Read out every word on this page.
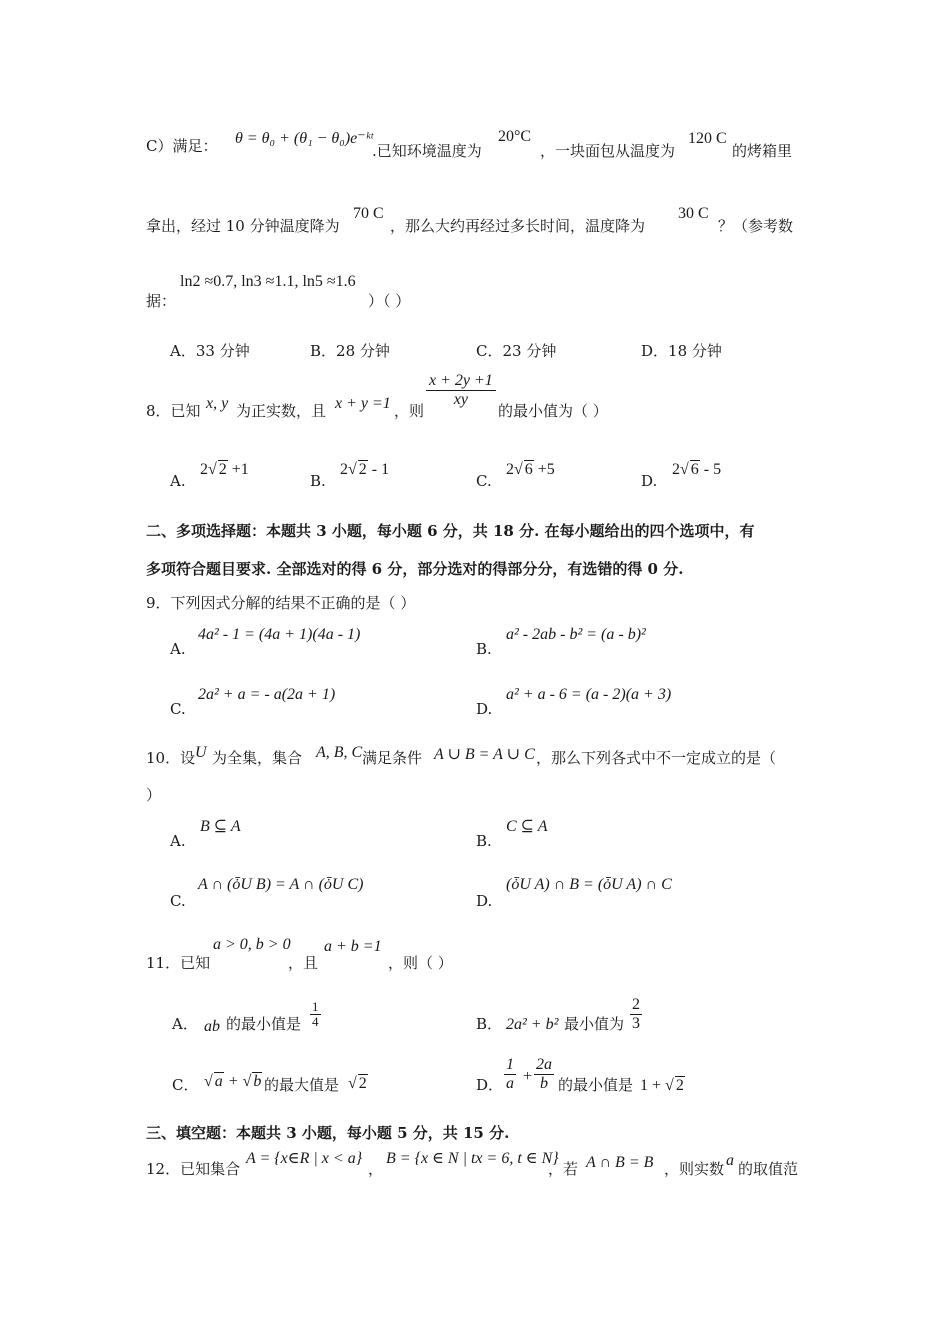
C）满足： θ = θ₀ + (θ₁ − θ₀)e⁻ᵏᵗ
.已知环境温度为
20°C
，一块面包从温度为
120 C
的烤箱里
拿出，经过 10 分钟温度降为
70 C
，那么大约再经过多长时间，温度降为
30 C
？（参考数
ln2 ≈0.7, ln3 ≈1.1, ln5 ≈1.6
据：	）（ ）
A．33 分钟	B．28 分钟	C．23 分钟	D．18 分钟
8．已知 x, y 为正实数，且 x + y =1 ，则
$\frac{x + 2y +1}{xy}$
的最小值为（ ）
A.
2√ 2 +1
B.
2√ 2 - 1
C.
2√ 6 +5
D.
2√ 6 - 5
二、多项选择题：本题共 3 小题，每小题 6 分，共 18 分. 在每小题给出的四个选项中，有
多项符合题目要求. 全部选对的得 6 分，部分选对的得部分分，有选错的得 0 分.
9．下列因式分解的结果不正确的是（ ）
A.
4a² - 1 = (4a + 1)(4a - 1)
B.
a² - 2ab - b² = (a - b)²
C.
2a² + a = - a(2a + 1)
D.
a² + a - 6 = (a - 2)(a + 3)
10．设 U 为全集，集合 A, B, C 满足条件 A ∪ B = A ∪ C ，那么下列各式中不一定成立的是（
）
A.
B ⊆ A
B.
C ⊆ A
C.
A ∩ (ȱU B) = A ∩ (ȱU C)
D.
(ȱU A) ∩ B = (ȱU A) ∩ C
11．已知
a > 0, b > 0
，且
a + b =1
，则（ ）
A． ab 的最小值是 $\frac{1}{4}$	B． 2a² + b² 最小值为 $\frac{2}{3}$
C． √ a + √ b 的最大值是 √ 2	D． $\frac{1}{a} + \frac{2a}{b}$ 的最小值是 1 + √ 2
三、填空题：本题共 3 小题，每小题 5 分，共 15 分.
12．已知集合
A = {x∈R | x < a}
，
B = {x ∈ N | tx = 6, t ∈ N}
，若 A ∩ B = B ，则实数 a 的取值范
